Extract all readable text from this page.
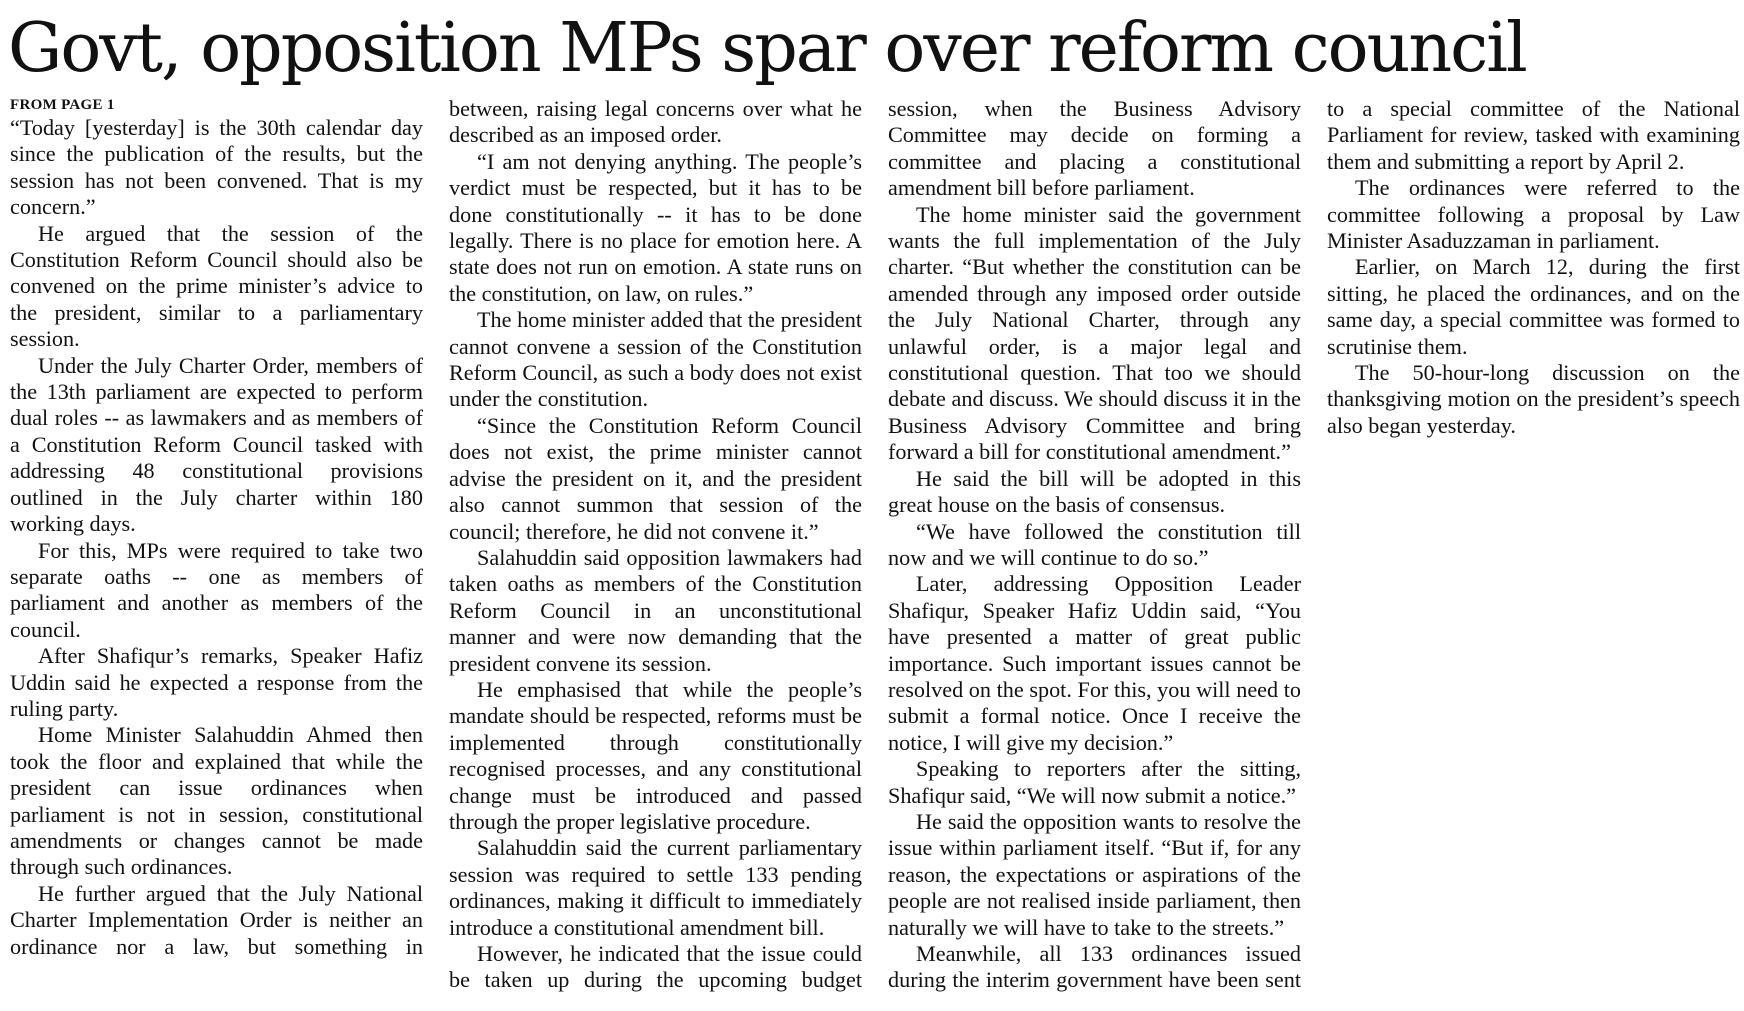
Govt, opposition MPs spar over reform council
FROM PAGE 1

“Today [yesterday] is the 30th calendar day since the publication of the results, but the session has not been convened. That is my concern.”

He argued that the session of the Constitution Reform Council should also be convened on the prime minister’s advice to the president, similar to a parliamentary session.

Under the July Charter Order, members of the 13th parliament are expected to perform dual roles -- as lawmakers and as members of a Constitution Reform Council tasked with addressing 48 constitutional provisions outlined in the July charter within 180 working days.

For this, MPs were required to take two separate oaths -- one as members of parliament and another as members of the council.

After Shafiqur’s remarks, Speaker Hafiz Uddin said he expected a response from the ruling party.

Home Minister Salahuddin Ahmed then took the floor and explained that while the president can issue ordinances when parliament is not in session, constitutional amendments or changes cannot be made through such ordinances.

He further argued that the July National Charter Implementation Order is neither an ordinance nor a law, but something in between, raising legal concerns over what he described as an imposed order.

“I am not denying anything. The people’s verdict must be respected, but it has to be done constitutionally -- it has to be done legally. There is no place for emotion here. A state does not run on emotion. A state runs on the constitution, on law, on rules.”

The home minister added that the president cannot convene a session of the Constitution Reform Council, as such a body does not exist under the constitution.

“Since the Constitution Reform Council does not exist, the prime minister cannot advise the president on it, and the president also cannot summon that session of the council; therefore, he did not convene it.”

Salahuddin said opposition lawmakers had taken oaths as members of the Constitution Reform Council in an unconstitutional manner and were now demanding that the president convene its session.

He emphasised that while the people’s mandate should be respected, reforms must be implemented through constitutionally recognised processes, and any constitutional change must be introduced and passed through the proper legislative procedure.

Salahuddin said the current parliamentary session was required to settle 133 pending ordinances, making it difficult to immediately introduce a constitutional amendment bill.

However, he indicated that the issue could be taken up during the upcoming budget session, when the Business Advisory Committee may decide on forming a committee and placing a constitutional amendment bill before parliament.

The home minister said the government wants the full implementation of the July charter. “But whether the constitution can be amended through any imposed order outside the July National Charter, through any unlawful order, is a major legal and constitutional question. That too we should debate and discuss. We should discuss it in the Business Advisory Committee and bring forward a bill for constitutional amendment.”

He said the bill will be adopted in this great house on the basis of consensus.

“We have followed the constitution till now and we will continue to do so.”

Later, addressing Opposition Leader Shafiqur, Speaker Hafiz Uddin said, “You have presented a matter of great public importance. Such important issues cannot be resolved on the spot. For this, you will need to submit a formal notice. Once I receive the notice, I will give my decision.”

Speaking to reporters after the sitting, Shafiqur said, “We will now submit a notice.”

He said the opposition wants to resolve the issue within parliament itself. “But if, for any reason, the expectations or aspirations of the people are not realised inside parliament, then naturally we will have to take to the streets.”

Meanwhile, all 133 ordinances issued during the interim government have been sent to a special committee of the National Parliament for review, tasked with examining them and submitting a report by April 2.

The ordinances were referred to the committee following a proposal by Law Minister Asaduzzaman in parliament.

Earlier, on March 12, during the first sitting, he placed the ordinances, and on the same day, a special committee was formed to scrutinise them.

The 50-hour-long discussion on the thanksgiving motion on the president’s speech also began yesterday.
